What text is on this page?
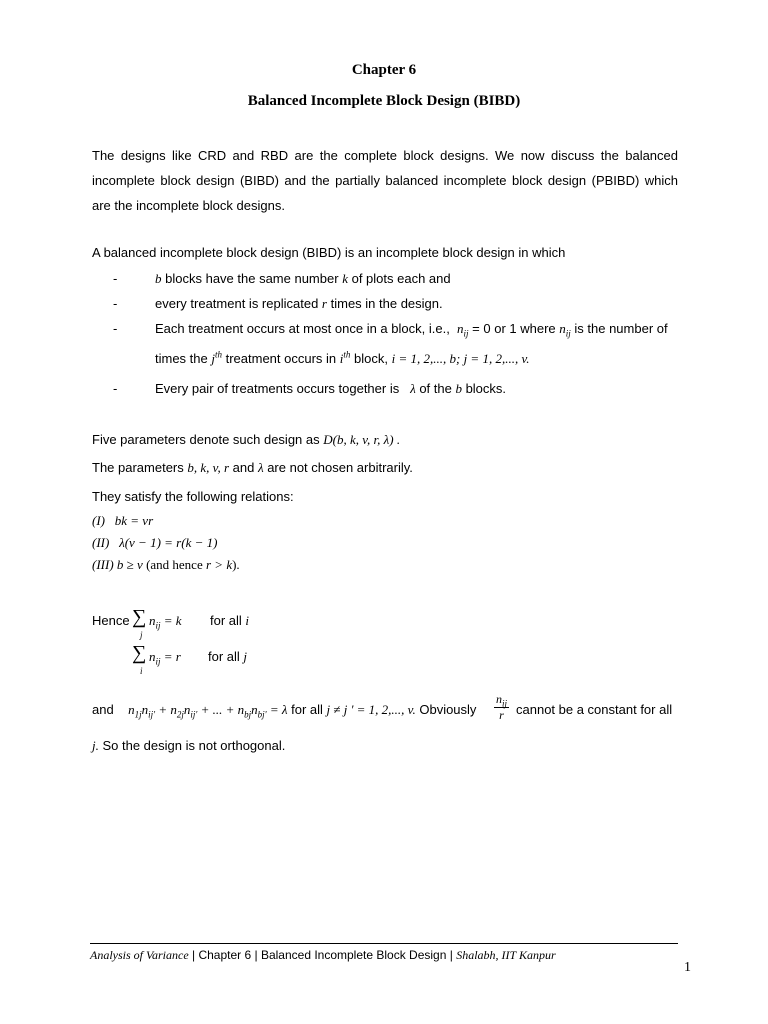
Chapter 6
Balanced Incomplete Block Design (BIBD)
The designs like CRD and RBD are the complete block designs. We now discuss the balanced incomplete block design (BIBD) and the partially balanced incomplete block design (PBIBD) which are the incomplete block designs.
A balanced incomplete block design (BIBD) is an incomplete block design in which
-	b blocks have the same number k of plots each and
-	every treatment is replicated r times in the design.
-	Each treatment occurs at most once in a block, i.e., $n_{ij} = 0$ or 1 where $n_{ij}$ is the number of
times the $j^{th}$ treatment occurs in $i^{th}$ block, i = 1, 2,..., b; j = 1, 2,..., v.
-	Every pair of treatments occurs together is λ of the b blocks.
Five parameters denote such design as D(b, k, v, r, λ) .
The parameters b, k, v, r and λ are not chosen arbitrarily.
They satisfy the following relations:
(I) bk = vr
(II) λ(v − 1) = r(k − 1)
(III) b ≥ v (and hence r > k).
Hence ∑
j
$n_{ij} = k$ for all i
∑
i
$n_{ij} = r$ for all j
and $n_{1j}n_{ij'} + n_{2j}n_{ij'}$ + ... + $n_{bj}n_{bj'} = \lambda$ for all j ≠ j ' = 1, 2,..., v. Obviously $\frac{n_{ij}}{r}$ cannot be a constant for all
j. So the design is not orthogonal.
Analysis of Variance | Chapter 6 | Balanced Incomplete Block Design | Shalabh, IIT Kanpur
1
